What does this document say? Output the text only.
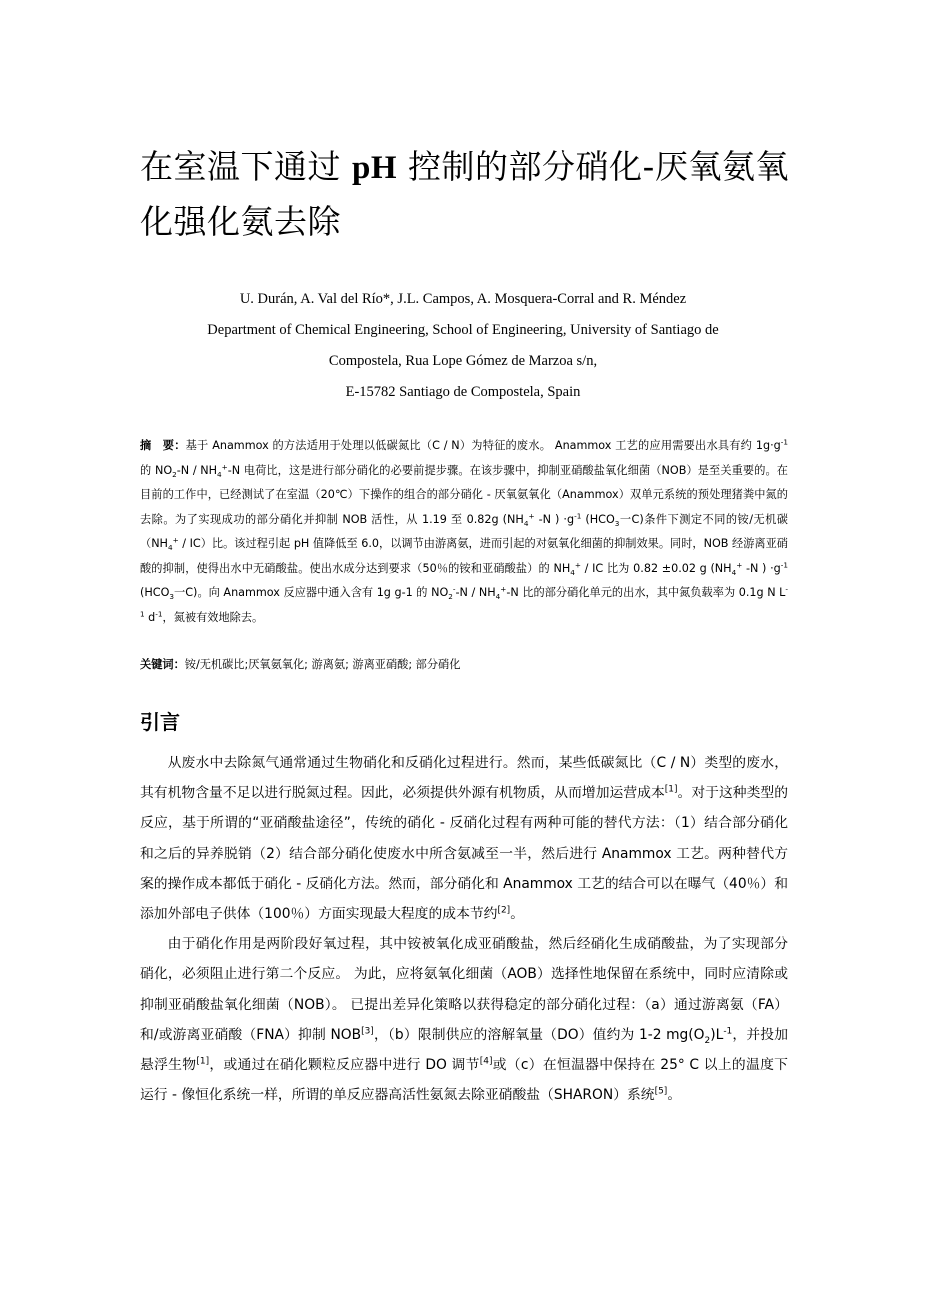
在室温下通过 pH 控制的部分硝化-厌氧氨氧化强化氨去除
U. Durán, A. Val del Río*, J.L. Campos, A. Mosquera-Corral and R. Méndez
Department of Chemical Engineering, School of Engineering, University of Santiago de
Compostela, Rua Lope Gómez de Marzoa s/n,
E-15782 Santiago de Compostela, Spain
摘　要：基于 Anammox 的方法适用于处理以低碳氮比（C / N）为特征的废水。 Anammox 工艺的应用需要出水具有约 $1g\cdot g^{-1}$ 的 $NO_2-N / NH_4^+-N$ 电荷比，这是进行部分硝化的必要前提步骤。在该步骤中，抑制亚硝酸盐氧化细菌（NOB）是至关重要的。在目前的工作中，已经测试了在室温（20℃）下操作的组合的部分硝化 - 厌氧氨氧化（Anammox）双单元系统的预处理猪粪中氮的去除。为了实现成功的部分硝化并抑制 NOB 活性，从 1.19 至 0.82g ($NH_4^+$ -N ) $\cdot g^{-1}$ ($HCO_3$一C)条件下测定不同的铵/无机碳$(NH_4^+ / IC)$比。该过程引起 pH 值降低至 6.0，以调节由游离氨，进而引起的对氨氧化细菌的抑制效果。同时，NOB 经游离亚硝酸的抑制，使得出水中无硝酸盐。使出水成分达到要求（50％的铵和亚硝酸盐）的 $NH_4^+$ / IC 比为 0.82 ±0.02 g ($NH_4^+$ -N ) $\cdot g^{-1}$ ($HCO_3$一C)。向 Anammox 反应器中通入含有 1g g-1 的 $NO_2^--N / NH_4^+-N$ 比的部分硝化单元的出水，其中氮负载率为 0.1g N $L^{-1}$ $d^{-1}$，氮被有效地除去。
关键词：铵/无机碳比;厌氧氨氧化; 游离氨; 游离亚硝酸; 部分硝化
引言

从废水中去除氮气通常通过生物硝化和反硝化过程进行。然而，某些低碳氮比（C / N）类型的废水，其有机物含量不足以进行脱氮过程。因此，必须提供外源有机物质，从而增加运营成本[1]。对于这种类型的反应，基于所谓的“亚硝酸盐途径”，传统的硝化 - 反硝化过程有两种可能的替代方法：（1）结合部分硝化和之后的异养脱销（2）结合部分硝化使废水中所含氨减至一半，然后进行 Anammox 工艺。两种替代方案的操作成本都低于硝化 - 反硝化方法。然而，部分硝化和 Anammox 工艺的结合可以在曝气（40％）和添加外部电子供体（100％）方面实现最大程度的成本节约[2]。

由于硝化作用是两阶段好氧过程，其中铵被氧化成亚硝酸盐，然后经硝化生成硝酸盐，为了实现部分硝化，必须阻止进行第二个反应。 为此，应将氨氧化细菌（AOB）选择性地保留在系统中，同时应清除或抑制亚硝酸盐氧化细菌（NOB）。 已提出差异化策略以获得稳定的部分硝化过程：（a）通过游离氨（FA）和/或游离亚硝酸（FNA）抑制 NOB[3]，（b）限制供应的溶解氧量（DO）值约为 1-2 $mg(O_2)L^{-1}$，并投加悬浮生物[1]，或通过在硝化颗粒反应器中进行 DO 调节[4]或（c）在恒温器中保持在 25° C 以上的温度下运行 - 像恒化系统一样，所谓的单反应器高活性氨氮去除亚硝酸盐（SHARON）系统[5]。
